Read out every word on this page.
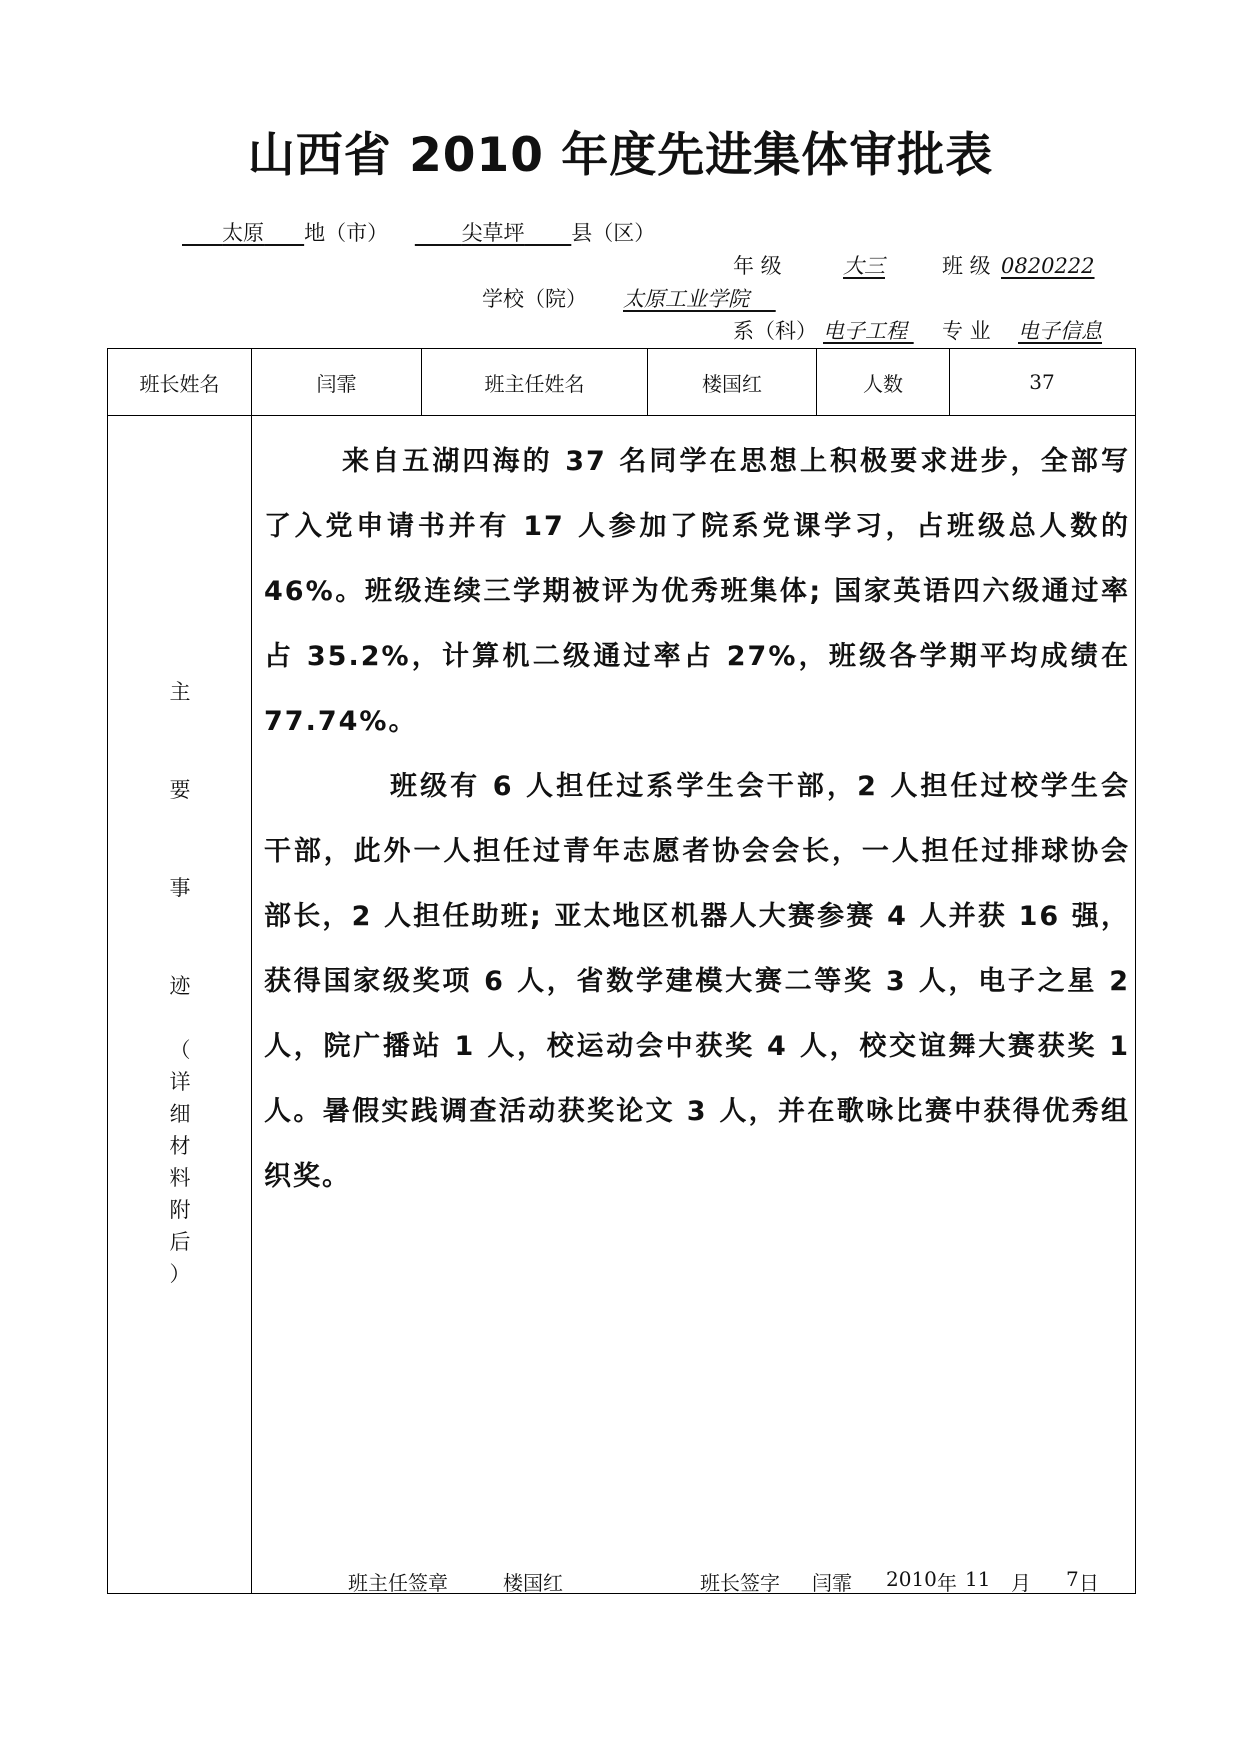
山西省 2010 年度先进集体审批表
太原 地（市）	尖草坪 县（区）
年 级	大三	班 级 0820222
学校（院） 太原工业学院
系（科） 电子工程	专 业 电子信息
班长姓名	闫霏	班主任姓名	楼国红	人数	37
主
要
事
迹
（
详
细
材
料
附
后
）

来自五湖四海的 37 名同学在思想上积极要求进步，全部写了入党申请书并有 17 人参加了院系党课学习，占班级总人数的 46%。班级连续三学期被评为优秀班集体; 国家英语四六级通过率占 35.2%，计算机二级通过率占 27%，班级各学期平均成绩在 77.74%。

班级有 6 人担任过系学生会干部，2 人担任过校学生会干部，此外一人担任过青年志愿者协会会长，一人担任过排球协会部长，2 人担任助班; 亚太地区机器人大赛参赛 4 人并获 16 强，获得国家级奖项 6 人，省数学建模大赛二等奖 3 人，电子之星 2 人，院广播站 1 人，校运动会中获奖 4 人，校交谊舞大赛获奖 1 人。暑假实践调查活动获奖论文 3 人，并在歌咏比赛中获得优秀组织奖。

班主任签章	楼国红	班长签字 闫霏 2010 年 11 月 7 日
